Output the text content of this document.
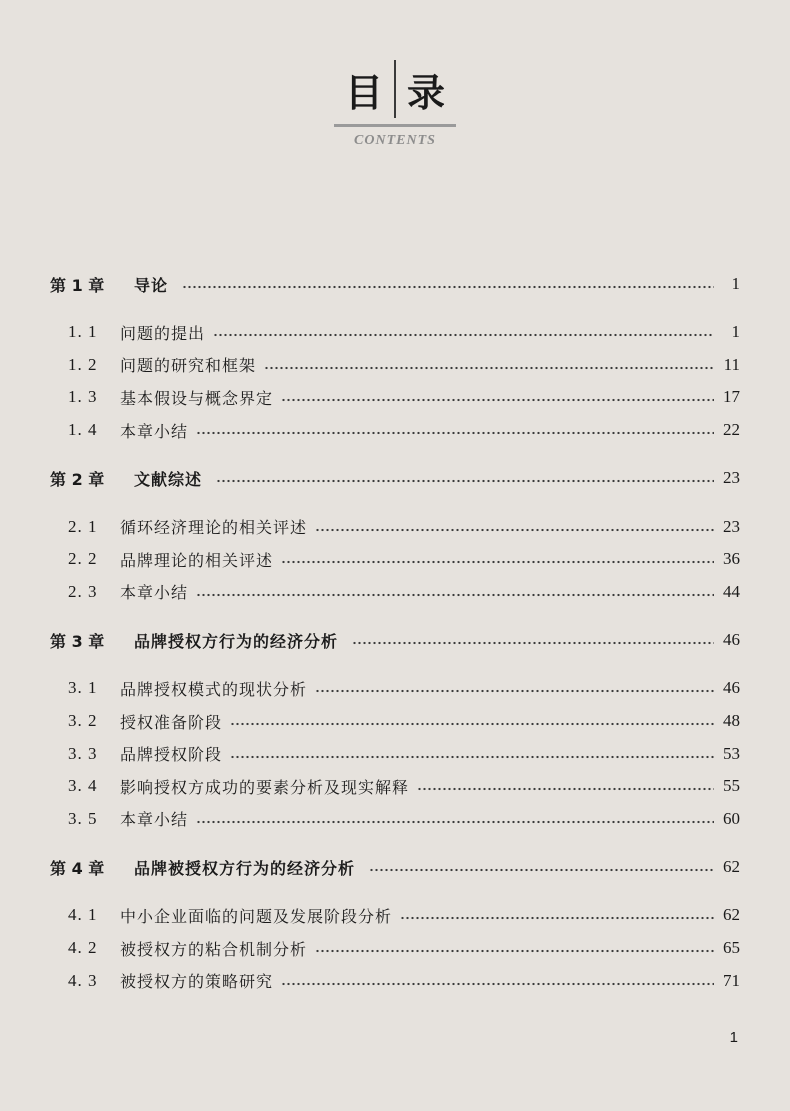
目 录
CONTENTS
第 1 章	导论	1
1. 1	问题的提出	1
1. 2	问题的研究和框架	11
1. 3	基本假设与概念界定	17
1. 4	本章小结	22
第 2 章	文献综述	23
2. 1	循环经济理论的相关评述	23
2. 2	品牌理论的相关评述	36
2. 3	本章小结	44
第 3 章	品牌授权方行为的经济分析	46
3. 1	品牌授权模式的现状分析	46
3. 2	授权准备阶段	48
3. 3	品牌授权阶段	53
3. 4	影响授权方成功的要素分析及现实解释	55
3. 5	本章小结	60
第 4 章	品牌被授权方行为的经济分析	62
4. 1	中小企业面临的问题及发展阶段分析	62
4. 2	被授权方的粘合机制分析	65
4. 3	被授权方的策略研究	71
1
